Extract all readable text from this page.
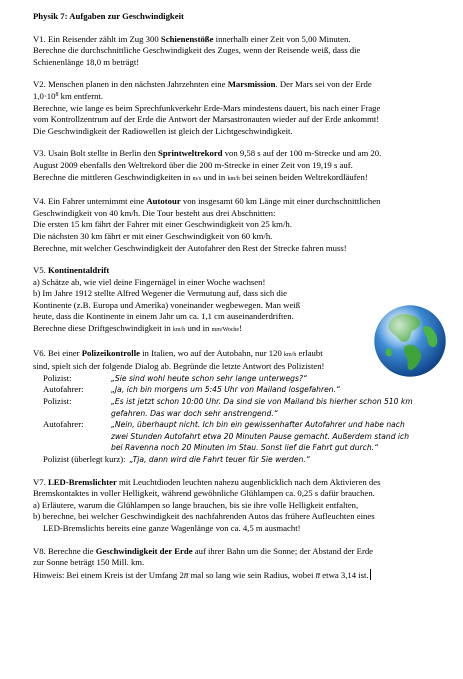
Physik 7: Aufgaben zur Geschwindigkeit

V1. Ein Reisender zählt im Zug 300 Schienenstöße innerhalb einer Zeit von 5,00 Minuten.

Berechne die durchschnittliche Geschwindigkeit des Zuges, wenn der Reisende weiß, dass die

Schienenlänge 18,0 m beträgt!

V2. Menschen planen in den nächsten Jahrzehnten eine Marsmission. Der Mars sei von der Erde

$1,0\cdot 10^8$ km entfernt.

Berechne, wie lange es beim Sprechfunkverkehr Erde-Mars mindestens dauert, bis nach einer Frage

vom Kontrollzentrum auf der Erde die Antwort der Marsastronauten wieder auf der Erde ankommt!

Die Geschwindigkeit der Radiowellen ist gleich der Lichtgeschwindigkeit.

V3. Usain Bolt stellte in Berlin den Sprintweltrekord von 9,58 s auf der 100 m-Strecke und am 20.

August 2009 ebenfalls den Weltrekord über die 200 m-Strecke in einer Zeit von 19,19 s auf.

Berechne die mittleren Geschwindigkeiten in m/s und in km/h bei seinen beiden Weltrekordläufen!

V4. Ein Fahrer unternimmt eine Autotour von insgesamt 60 km Länge mit einer durchschnittlichen

Geschwindigkeit von 40 km/h. Die Tour besteht aus drei Abschnitten:

Die ersten 15 km fährt der Fahrer mit einer Geschwindigkeit von 25 km/h.

Die nächsten 30 km fährt er mit einer Geschwindigkeit von 60 km/h.

Berechne, mit welcher Geschwindigkeit der Autofahrer den Rest der Strecke fahren muss!

V5. Kontinentaldrift

a) Schätze ab, wie viel deine Fingernägel in einer Woche wachsen!

b) Im Jahre 1912 stellte Alfred Wegener die Vermutung auf, dass sich die

Kontinente (z.B. Europa und Amerika) voneinander wegbewegen. Man weiß

heute, dass die Kontinente in einem Jahr um ca. 1,1 cm auseinanderdriften.

Berechne diese Driftgeschwindigkeit in km/h und in mm/Woche!

V6. Bei einer Polizeikontrolle in Italien, wo auf der Autobahn, nur 120 km/h erlaubt

sind, spielt sich der folgende Dialog ab. Begründe die letzte Antwort des Polizisten!

Polizist:	„Sie sind wohl heute schon sehr lange unterwegs?“
Autofahrer:	„Ja, ich bin morgens um 5:45 Uhr von Mailand losgefahren.“
Polizist:	„Es ist jetzt schon 10:00 Uhr. Da sind sie von Mailand bis hierher schon 510 km
gefahren. Das war doch sehr anstrengend.“
Autofahrer:	„Nein, überhaupt nicht. Ich bin ein gewissenhafter Autofahrer und habe nach
zwei Stunden Autofahrt etwa 20 Minuten Pause gemacht. Außerdem stand ich
bei Ravenna noch 20 Minuten im Stau. Sonst lief die Fahrt gut durch.“
Polizist (überlegt kurz): „Tja, dann wird die Fahrt teuer für Sie werden.“

V7. LED-Bremslichter mit Leuchtdioden leuchten nahezu augenblicklich nach dem Aktivieren des

Bremskontaktes in voller Helligkeit, während gewöhnliche Glühlampen ca. 0,25 s dafür brauchen.

a) Erläutere, warum die Glühlampen so lange brauchen, bis sie ihre volle Helligkeit entfalten,

b) berechne, bei welcher Geschwindigkeit des nachfahrenden Autos das frühere Aufleuchten eines

LED-Bremslichts bereits eine ganze Wagenlänge von ca. 4,5 m ausmacht!

V8. Berechne die Geschwindigkeit der Erde auf ihrer Bahn um die Sonne; der Abstand der Erde

zur Sonne beträgt 150 Mill. km.

Hinweis: Bei einem Kreis ist der Umfang 2π mal so lang wie sein Radius, wobei π etwa 3,14 ist.
